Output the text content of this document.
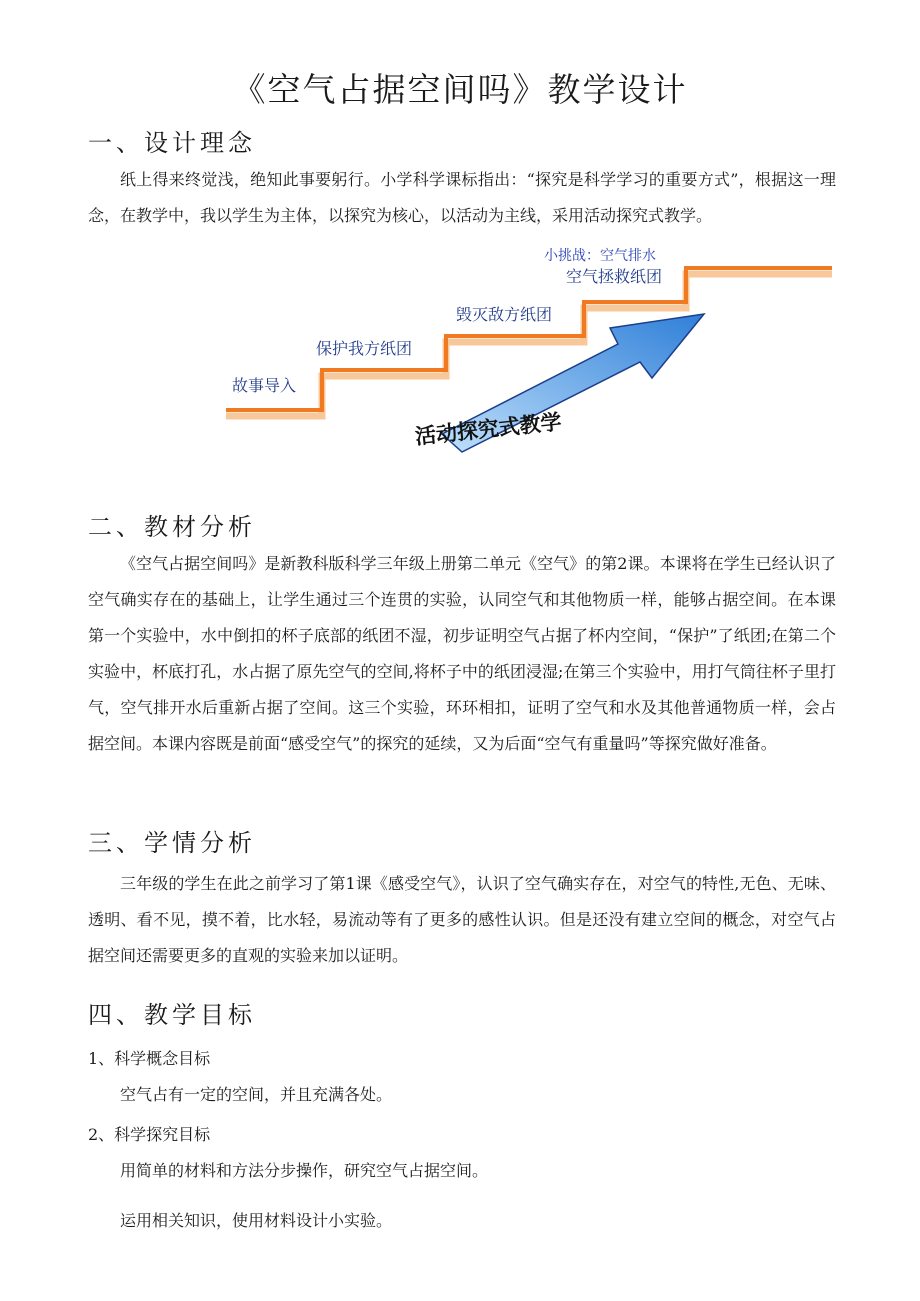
《空气占据空间吗》教学设计
一、设计理念

纸上得来终觉浅，绝知此事要躬行。小学科学课标指出：“探究是科学学习的重要方式”，根据这一理念，在教学中，我以学生为主体，以探究为核心，以活动为主线，采用活动探究式教学。

故事导入
保护我方纸团
毁灭敌方纸团
空气拯救纸团
小挑战：空气排水
活动探究式教学
二、教材分析

《空气占据空间吗》是新教科版科学三年级上册第二单元《空气》的第2课。本课将在学生已经认识了空气确实存在的基础上，让学生通过三个连贯的实验，认同空气和其他物质一样，能够占据空间。在本课第一个实验中，水中倒扣的杯子底部的纸团不湿，初步证明空气占据了杯内空间，“保护”了纸团;在第二个实验中，杯底打孔，水占据了原先空气的空间,将杯子中的纸团浸湿;在第三个实验中，用打气筒往杯子里打气，空气排开水后重新占据了空间。这三个实验，环环相扣，证明了空气和水及其他普通物质一样，会占据空间。本课内容既是前面“感受空气”的探究的延续，又为后面“空气有重量吗”等探究做好准备。

三、学情分析

三年级的学生在此之前学习了第1课《感受空气》，认识了空气确实存在，对空气的特性,无色、无味、透明、看不见，摸不着，比水轻，易流动等有了更多的感性认识。但是还没有建立空间的概念，对空气占据空间还需要更多的直观的实验来加以证明。

四、教学目标
1、科学概念目标
空气占有一定的空间，并且充满各处。
2、科学探究目标
用简单的材料和方法分步操作，研究空气占据空间。
运用相关知识，使用材料设计小实验。
